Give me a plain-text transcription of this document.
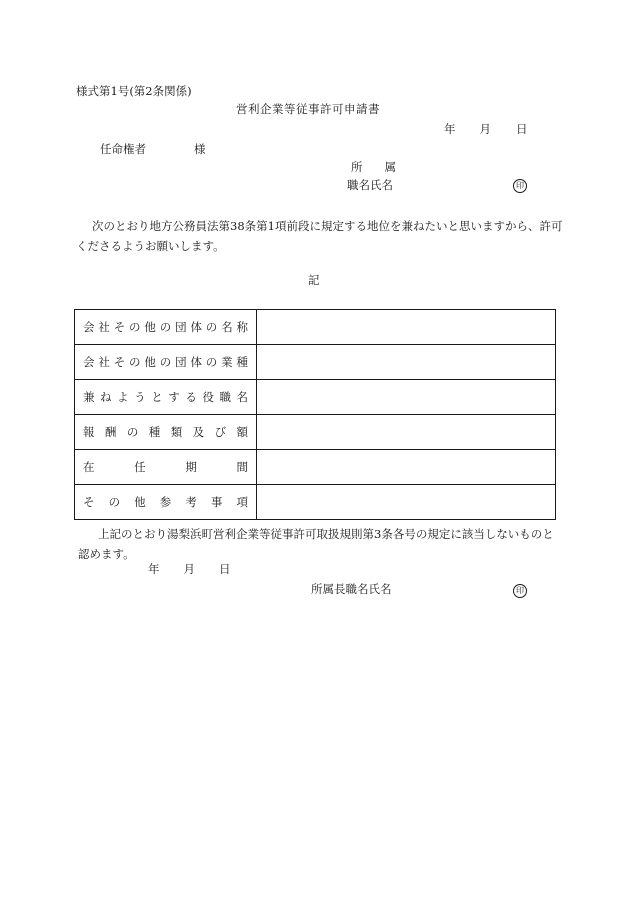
様式第1号(第2条関係)
営利企業等従事許可申請書
年 月 日
任命権者	様
所 属
職名氏名	印
次のとおり地方公務員法第38条第1項前段に規定する地位を兼ねたいと思いますから、許可くださるようお願いします。
記
会社その他の団体の名称	
会社その他の団体の業種	
兼ねようとする役職名	
報酬の種類及び額	
在任期間	
その他参考事項	
上記のとおり湯梨浜町営利企業等従事許可取扱規則第3条各号の規定に該当しないものと認めます。
年 月 日
所属長職名氏名	印
